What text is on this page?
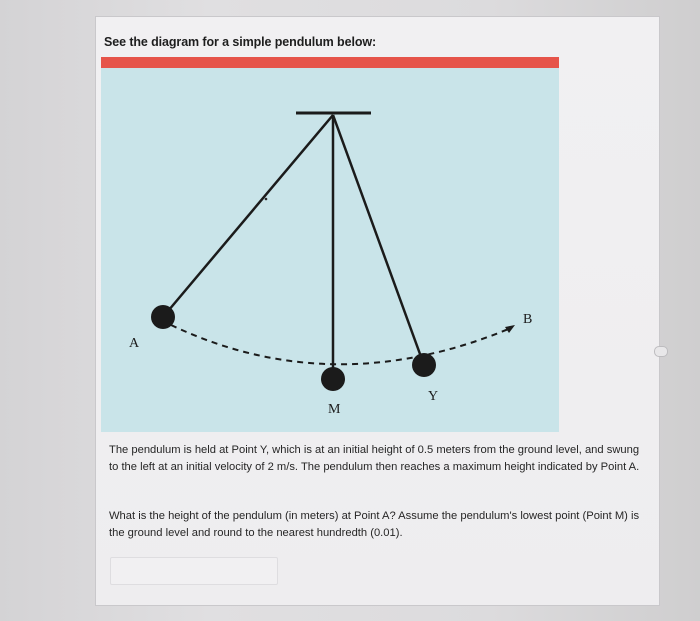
See the diagram for a simple pendulum below:
A
M
Y
B

The pendulum is held at Point Y, which is at an initial height of 0.5 meters from the ground level, and swung to the left at an initial velocity of 2 m/s. The pendulum then reaches a maximum height indicated by Point A.

What is the height of the pendulum (in meters) at Point A? Assume the pendulum's lowest point (Point M) is the ground level and round to the nearest hundredth (0.01).
